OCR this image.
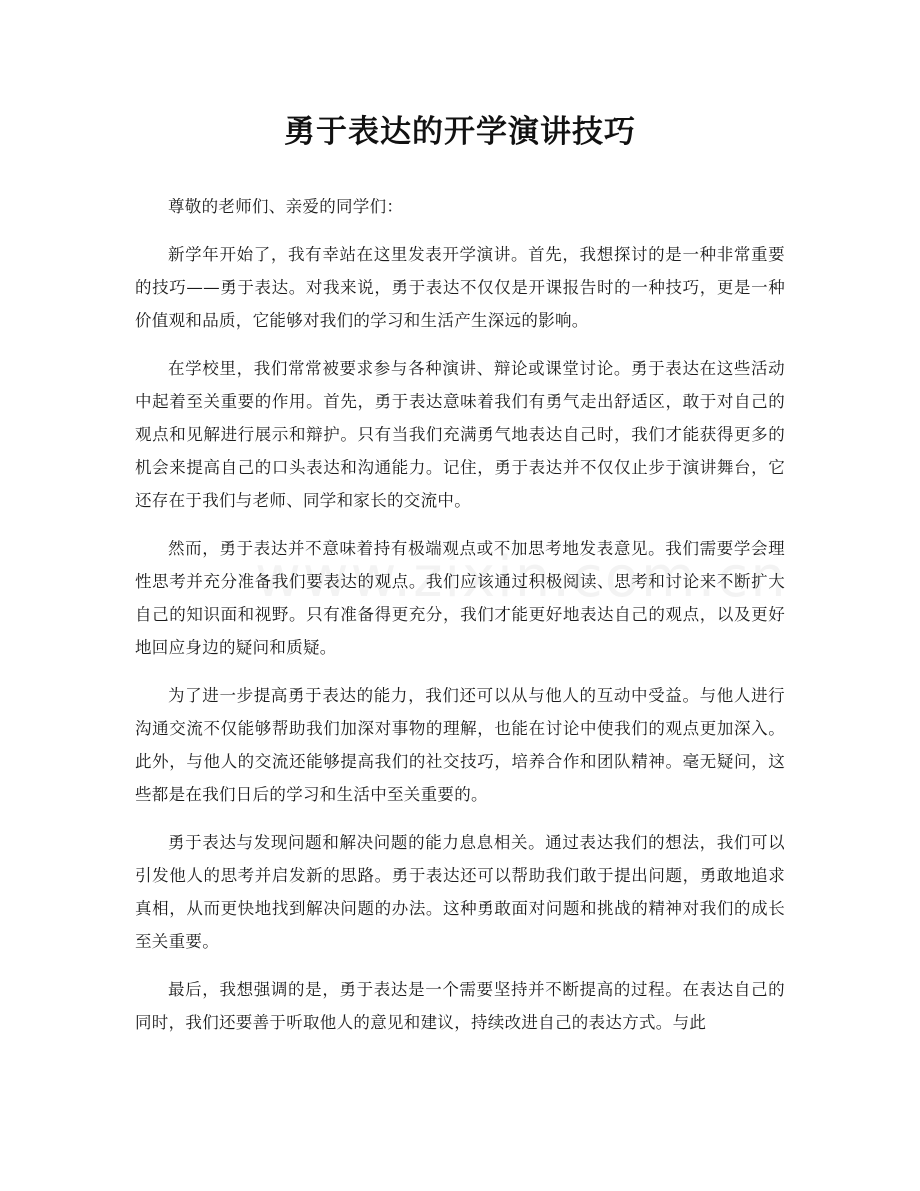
勇于表达的开学演讲技巧

尊敬的老师们、亲爱的同学们：

新学年开始了，我有幸站在这里发表开学演讲。首先，我想探讨的是一种非常重要的技巧——勇于表达。对我来说，勇于表达不仅仅是开课报告时的一种技巧，更是一种价值观和品质，它能够对我们的学习和生活产生深远的影响。

在学校里，我们常常被要求参与各种演讲、辩论或课堂讨论。勇于表达在这些活动中起着至关重要的作用。首先，勇于表达意味着我们有勇气走出舒适区，敢于对自己的观点和见解进行展示和辩护。只有当我们充满勇气地表达自己时，我们才能获得更多的机会来提高自己的口头表达和沟通能力。记住，勇于表达并不仅仅止步于演讲舞台，它还存在于我们与老师、同学和家长的交流中。

然而，勇于表达并不意味着持有极端观点或不加思考地发表意见。我们需要学会理性思考并充分准备我们要表达的观点。我们应该通过积极阅读、思考和讨论来不断扩大自己的知识面和视野。只有准备得更充分，我们才能更好地表达自己的观点，以及更好地回应身边的疑问和质疑。

为了进一步提高勇于表达的能力，我们还可以从与他人的互动中受益。与他人进行沟通交流不仅能够帮助我们加深对事物的理解，也能在讨论中使我们的观点更加深入。此外，与他人的交流还能够提高我们的社交技巧，培养合作和团队精神。毫无疑问，这些都是在我们日后的学习和生活中至关重要的。

勇于表达与发现问题和解决问题的能力息息相关。通过表达我们的想法，我们可以引发他人的思考并启发新的思路。勇于表达还可以帮助我们敢于提出问题，勇敢地追求真相，从而更快地找到解决问题的办法。这种勇敢面对问题和挑战的精神对我们的成长至关重要。

最后，我想强调的是，勇于表达是一个需要坚持并不断提高的过程。在表达自己的同时，我们还要善于听取他人的意见和建议，持续改进自己的表达方式。与此
